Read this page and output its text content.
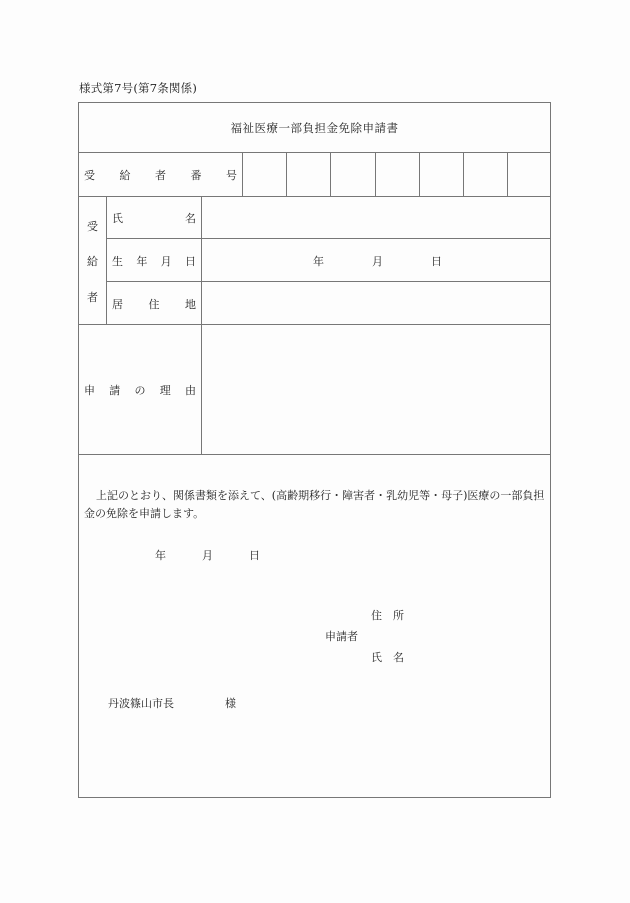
様式第7号(第7条関係)
福祉医療一部負担金免除申請書
受 給 者 番 号
受
給
者
氏	名
生 年 月 日	年	月	日
居 住 地
申 請 の 理 由
上記のとおり、関係書類を添えて、(高齢期移行・障害者・乳幼児等・母子)医療の一部負担金の免除を申請します。
年	月	日
住　所
申請者
氏　名
丹波篠山市長	様
